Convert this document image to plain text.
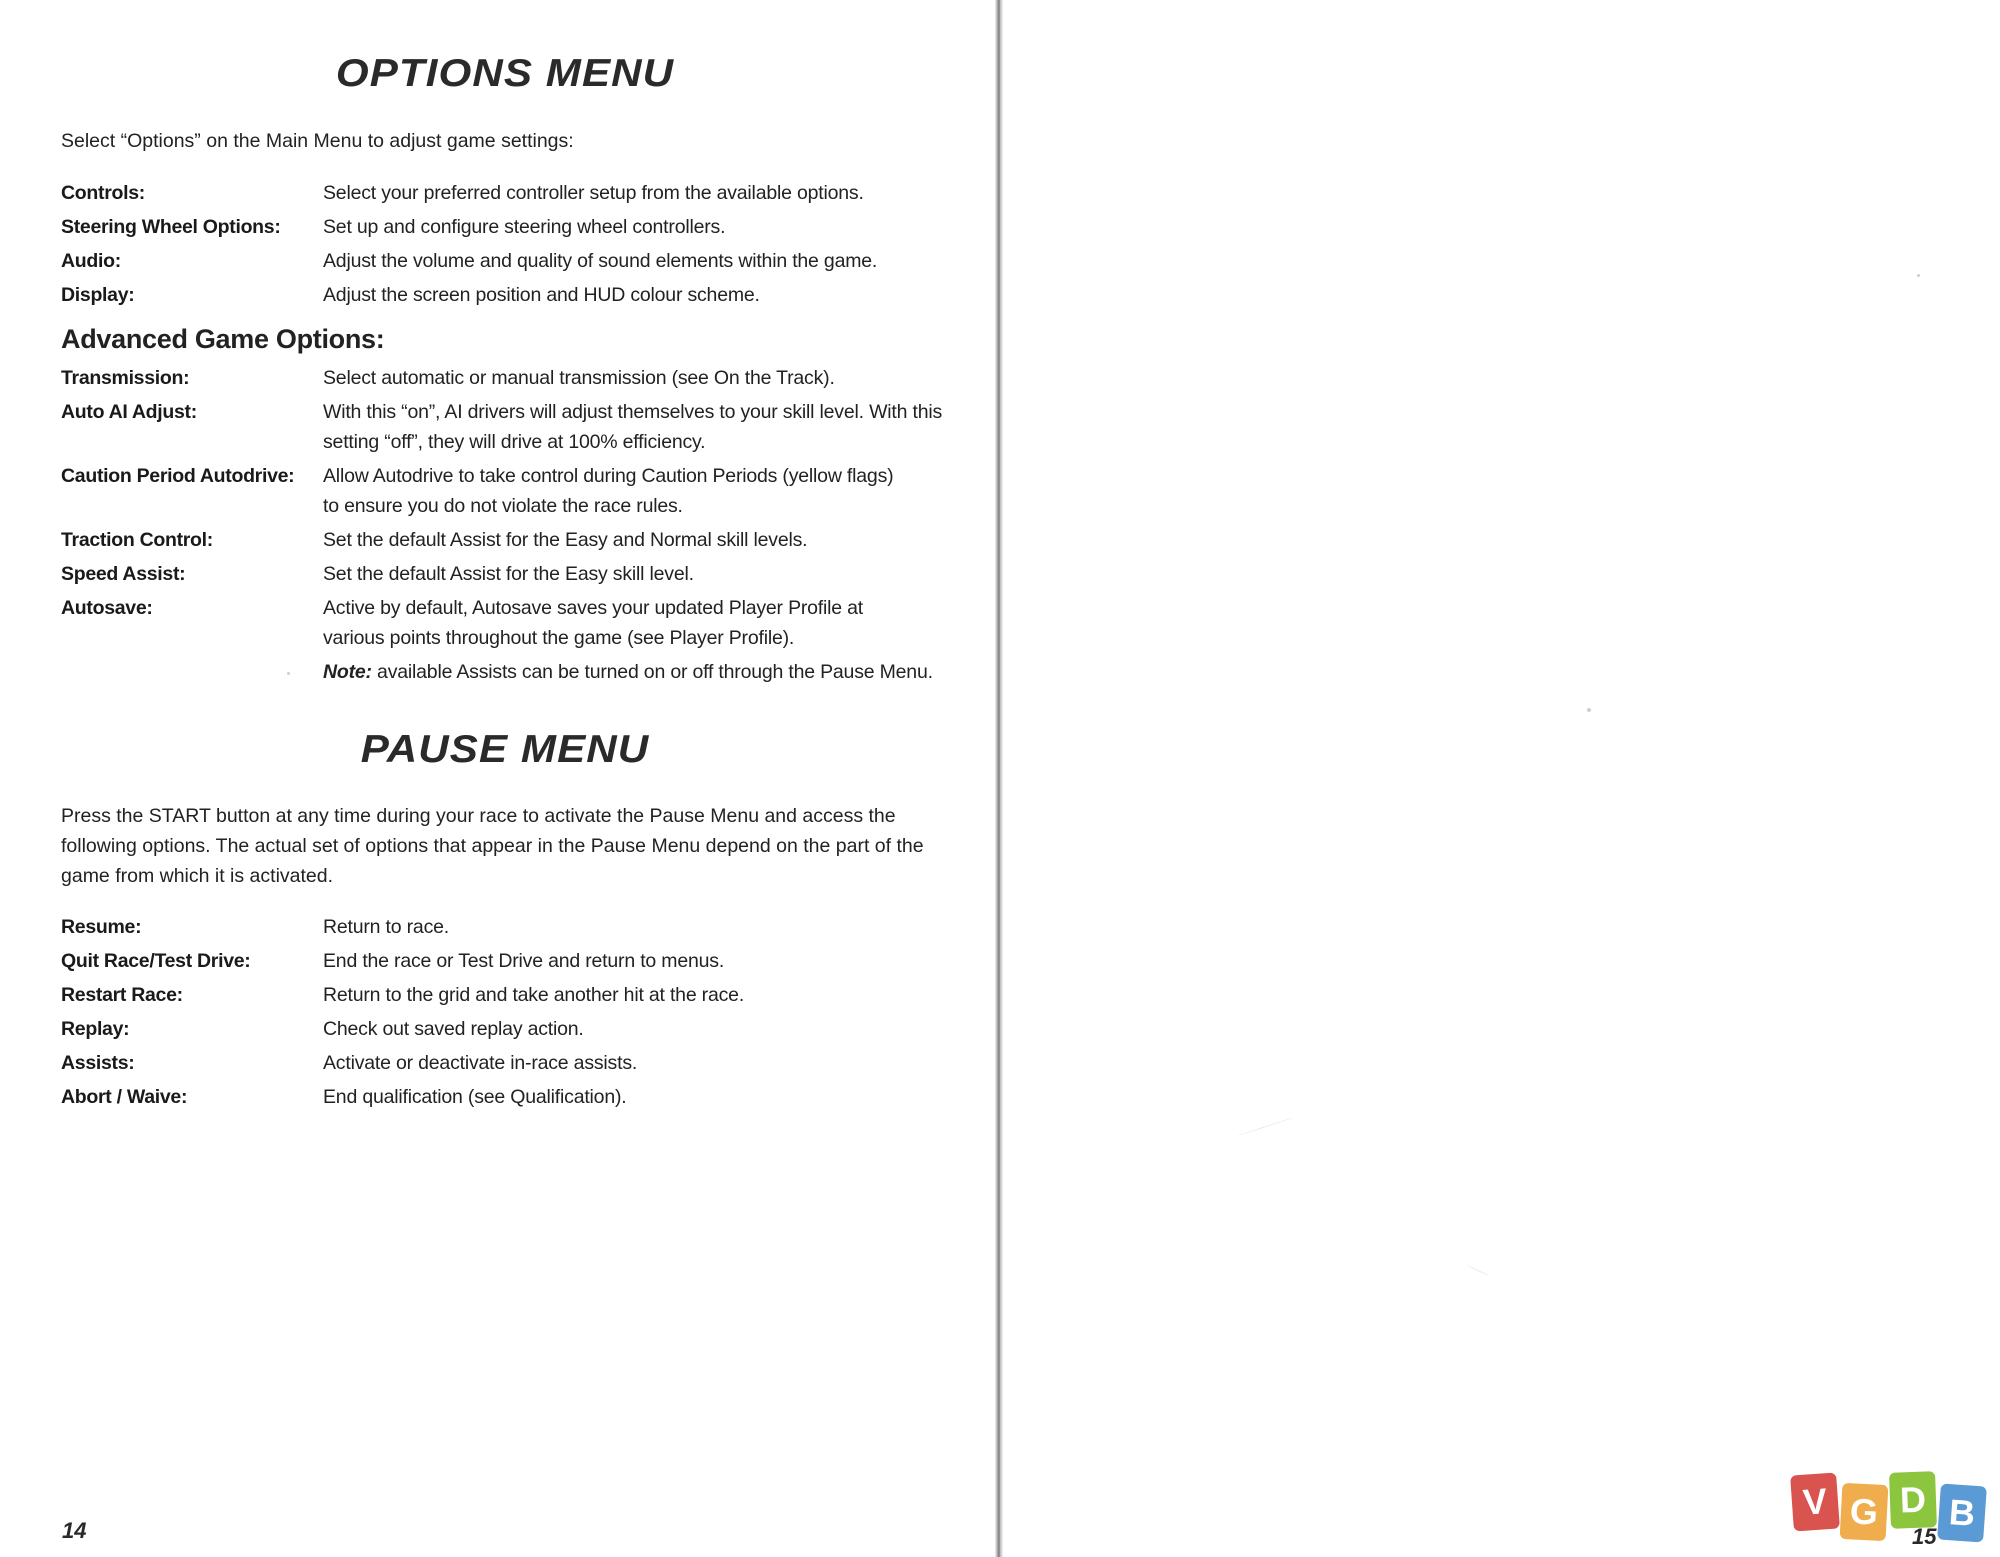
OPTIONS MENU

Select “Options” on the Main Menu to adjust game settings:

Controls:	Select your preferred controller setup from the available options.
Steering Wheel Options:	Set up and configure steering wheel controllers.
Audio:	Adjust the volume and quality of sound elements within the game.
Display:	Adjust the screen position and HUD colour scheme.
Advanced Game Options:
Transmission:	Select automatic or manual transmission (see On the Track).
Auto AI Adjust:	With this “on”, AI drivers will adjust themselves to your skill level. With this setting “off”, they will drive at 100% efficiency.
Caution Period Autodrive:	Allow Autodrive to take control during Caution Periods (yellow flags) to ensure you do not violate the race rules.
Traction Control:	Set the default Assist for the Easy and Normal skill levels.
Speed Assist:	Set the default Assist for the Easy skill level.
Autosave:	Active by default, Autosave saves your updated Player Profile at various points throughout the game (see Player Profile).
Note: available Assists can be turned on or off through the Pause Menu.
PAUSE MENU

Press the START button at any time during your race to activate the Pause Menu and access the following options. The actual set of options that appear in the Pause Menu depend on the part of the game from which it is activated.

Resume:	Return to race.
Quit Race/Test Drive:	End the race or Test Drive and return to menus.
Restart Race:	Return to the grid and take another hit at the race.
Replay:	Check out saved replay action.
Assists:	Activate or deactivate in-race assists.
Abort / Waive:	End qualification (see Qualification).
14	15
V G D B
